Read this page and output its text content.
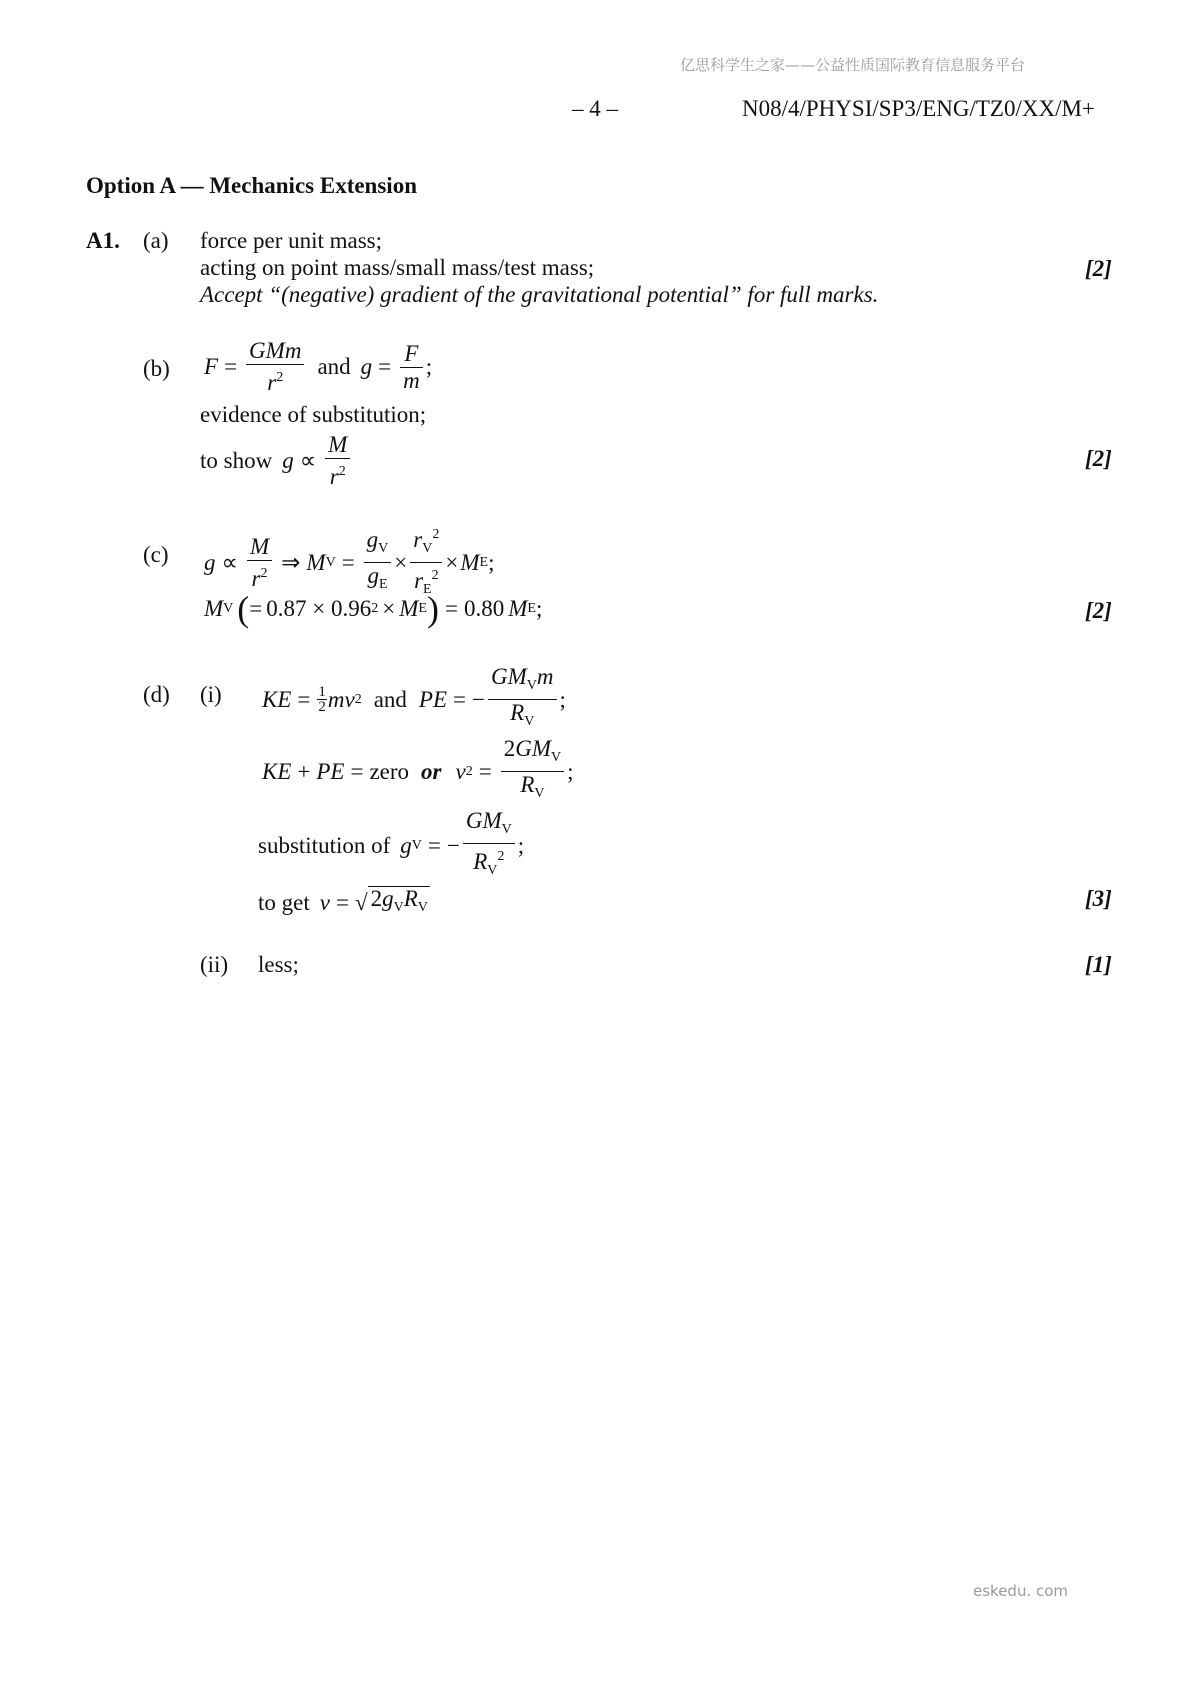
亿思科学生之家——公益性质国际教育信息服务平台
– 4 –	N08/4/PHYSI/SP3/ENG/TZ0/XX/M+
Option A — Mechanics Extension
A1. (a) force per unit mass;
acting on point mass/small mass/test mass;
Accept “(negative) gradient of the gravitational potential” for full marks.
[2]
(b) $F = \frac{\text{GMm}}{r^2}$ and $g = \frac{F}{m}$ ;
evidence of substitution;
to show $g \propto \frac{M}{r^2}$	[2]
(c) $g \propto \frac{M}{r^2}$ ⇒ M $V = \frac{g_V}{g_E} \times \frac{r_V^2}{r_E^2} \times M$ E ;
M V ( = 0.87 × 0.96 2 × M E ) = 0.80 M E ;	[2]
(d) (i) KE = $\frac{1}{2}$ mv 2 and PE = − $\frac{GM_Vm}{R_V}$ ;
KE + PE = zero or v $2 = \frac{2GM_V}{R_V}$ ;
substitution of g V = − $\frac{GM_V}{R_V^2}$ ;
to get v = √ $2g_VR_V$	[3]
(ii) less;	[1]
eskedu. com
